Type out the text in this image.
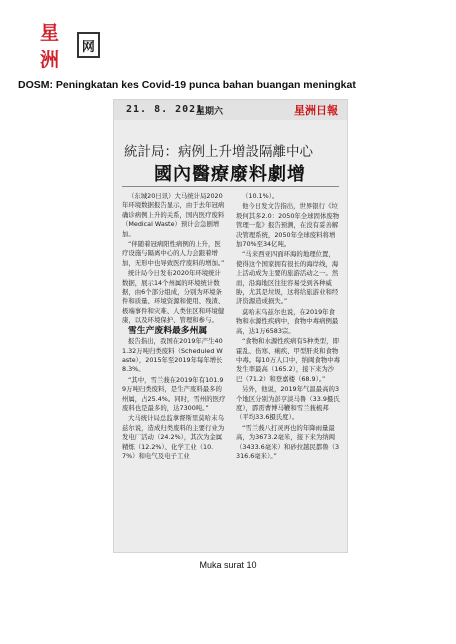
星洲
网
DOSM: Peningkatan kes Covid-19 punca bahan buangan meningkat
21. 8. 2021
星期六	星洲日報
統計局：病例上升增設隔離中心
國內醫療廢料劇增

（东城20日讯）大马统计局2020年环境数据报告显示，由于去年冠病确诊病例上升的关系，国内医疗废料（Medical Waste）预计会急剧增加。

“伴随着冠病阳性病例的上升，医疗设施与隔离中心的人力会跟着增加，无形中也导致医疗废料的增加。”

统计局今日发布2020年环境统计数据，展示14个州属的环境统计数据，由6个部分组成，分别为环境条件和质量、环境资源和使用、残渣、极端事件和灾难、人类住区和环境健康，以及环境保护、管理和参与。

雪生产废料最多州属

报告指出，我国在2019年产生401.32万吨归类废料（Scheduled Waste），2015年至2019年每年增长8.3%。

“其中，雪兰莪在2019年有101.99万吨归类废料，是生产废料最多的州属，占25.4%。同时，雪州的医疗废料也是最多的，达7300吨。”

大马统计局总监拿督斯里莫哈末乌兹尔说，造成归类废料的主要行业为发电厂活动（24.2%），其次为金属精炼（12.2%）、化学工业（10.7%）和电气及电子工业

（10.1%）。

他今日发文告指出，世界银行《垃圾何其多2.0：2050年全球固体废物管理一览》报告预测，在没有妥善解决管理系统，2050年全球废料将增加70%至34亿吨。

“马来西亚四面环海的地理位置，使得这个国家拥有很长的海岸线，海上活动成为主要的旅游活动之一。然而，沿海地区往往容易受到各种威胁，尤其是垃圾，这将给旅游业和经济资源造成损失。”

莫哈末乌兹尔也说，在2019年食物和水源性疾病中，食物中毒病例最高，达1万6583宗。

“食物和水源性疾病有5种类型，即霍乱、伤寒、痢疾、甲型肝炎和食物中毒。每10万人口中，纳闽食物中毒发生率最高（165.2），接下来为沙巴（71.2）和登嘉楼（68.9）。”

另外，他说，2019年气温最高的3个地区分别为彭亨淡马鲁（33.9摄氏度），霹雳曹博马鞭和雪兰莪梳邦（平均33.6摄氏度）。

“雪兰莪八打灵再也的年降雨量最高，为3673.2毫米，接下来为纳闽（3433.6毫米）和砂拉越民都鲁（3316.6毫米）。”

Muka surat 10
